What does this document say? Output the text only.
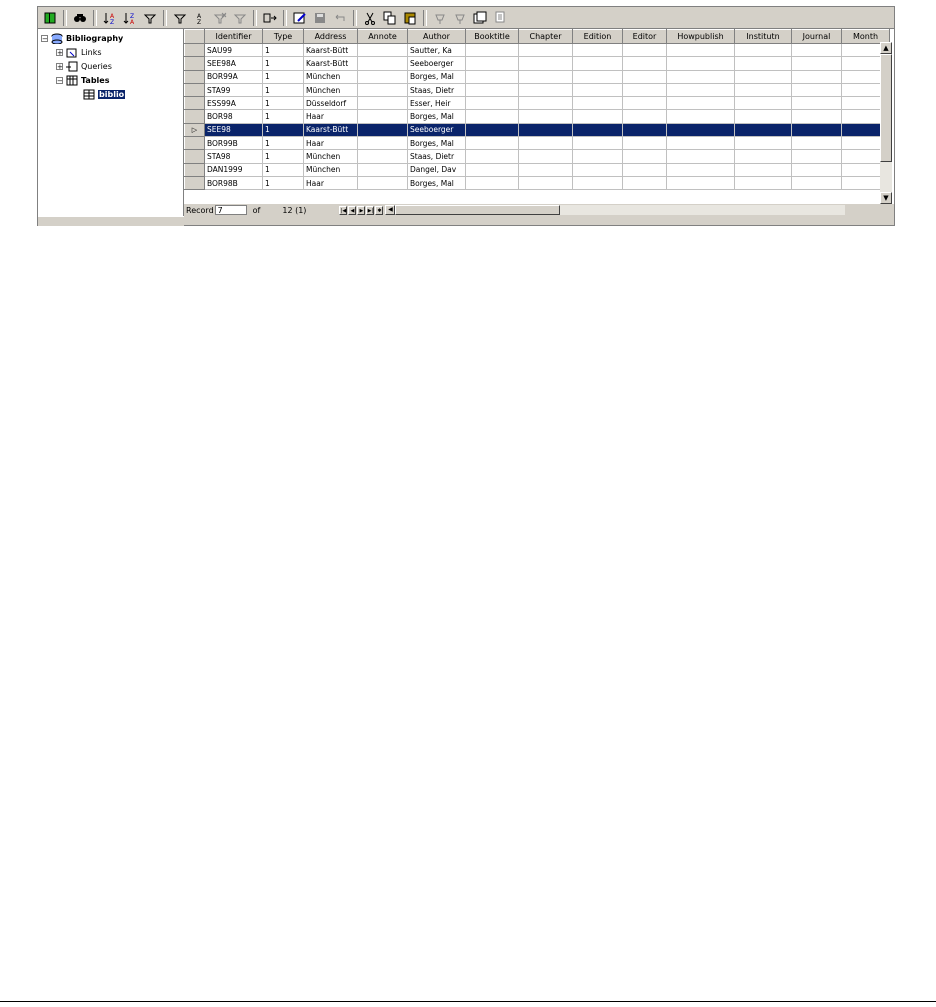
A
Z
Z
A
A
Z
− Bibliography
+ Links
+ Queries
− Tables
biblio
	Identifier	Type	Address	Annote	Author	Booktitle	Chapter	Edition	Editor	Howpublish	Institutn	Journal	Month
	SAU99	1	Kaarst-Bütt		Sautter, Ka								
	SEE98A	1	Kaarst-Bütt		Seeboerger								
	BOR99A	1	München		Borges, Mal								
	STA99	1	München		Staas, Dietr								
	ESS99A	1	Düsseldorf		Esser, Heir								
	BOR98	1	Haar		Borges, Mal								
▷	SEE98	1	Kaarst-Bütt		Seeboerger								
	BOR99B	1	Haar		Borges, Mal								
	STA98	1	München		Staas, Dietr								
	DAN1999	1	München		Dangel, Dav								
	BOR98B	1	Haar		Borges, Mal								
▲
▼
Record 7	of	12 (1)	|◀ ◀	▶ ▶| ✱	◀
